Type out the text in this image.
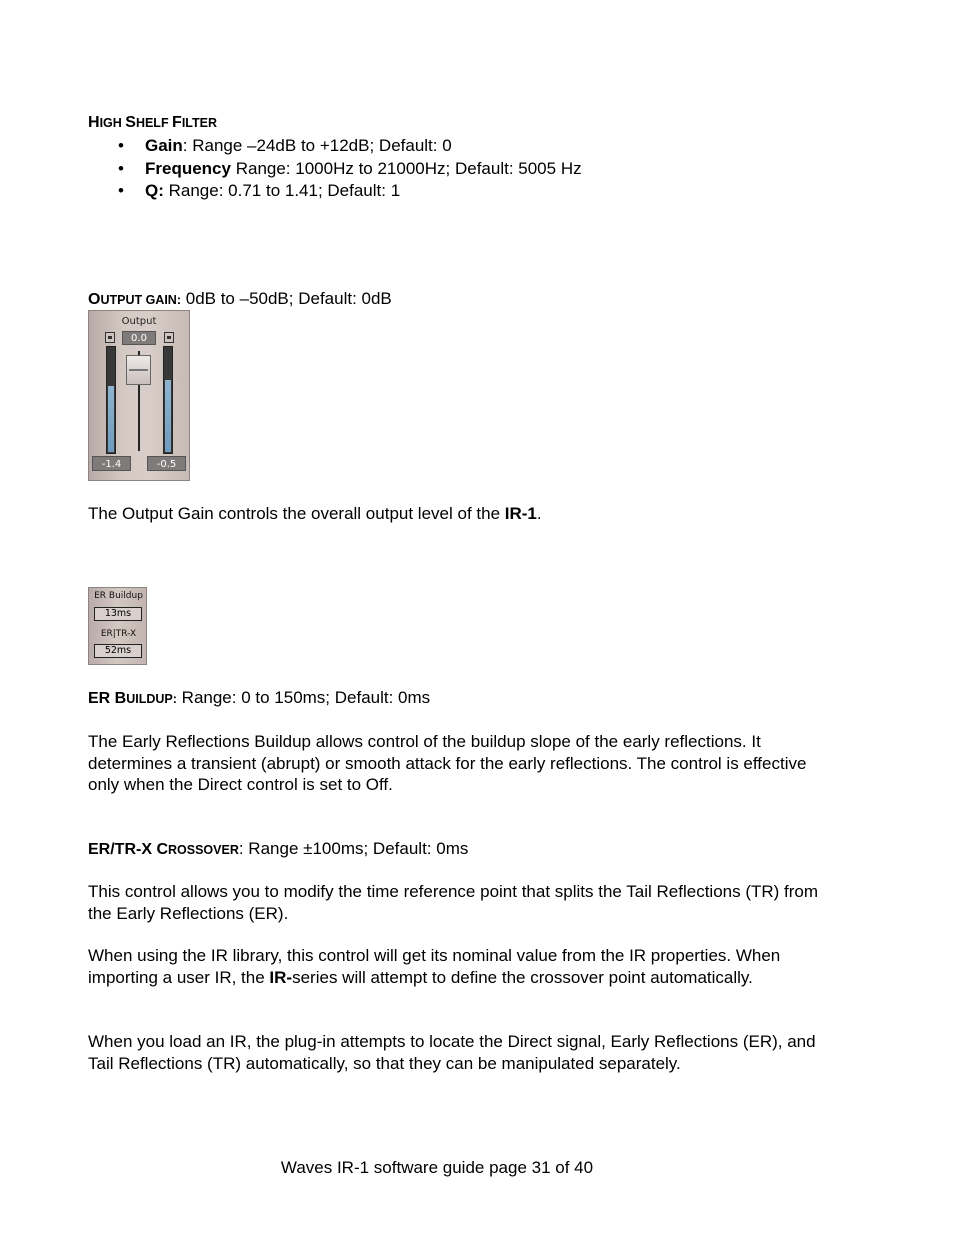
HIGH SHELF FILTER
• Gain: Range –24dB to +12dB; Default: 0
• Frequency Range: 1000Hz to 21000Hz; Default: 5005 Hz
• Q: Range: 0.71 to 1.41; Default: 1
OUTPUT GAIN: 0dB to –50dB; Default: 0dB
Output
0.0
-1.4	-0.5
The Output Gain controls the overall output level of the IR-1.
ER Buildup
13ms
ER|TR-X
52ms
ER BUILDUP: Range: 0 to 150ms; Default: 0ms
The Early Reflections Buildup allows control of the buildup slope of the early reflections. It determines a transient (abrupt) or smooth attack for the early reflections. The control is effective only when the Direct control is set to Off.
ER/TR-X CROSSOVER: Range ±100ms; Default: 0ms
This control allows you to modify the time reference point that splits the Tail Reflections (TR) from the Early Reflections (ER).
When using the IR library, this control will get its nominal value from the IR properties. When importing a user IR, the IR-series will attempt to define the crossover point automatically.
When you load an IR, the plug-in attempts to locate the Direct signal, Early Reflections (ER), and Tail Reflections (TR) automatically, so that they can be manipulated separately.
Waves IR-1 software guide page 31 of 40
